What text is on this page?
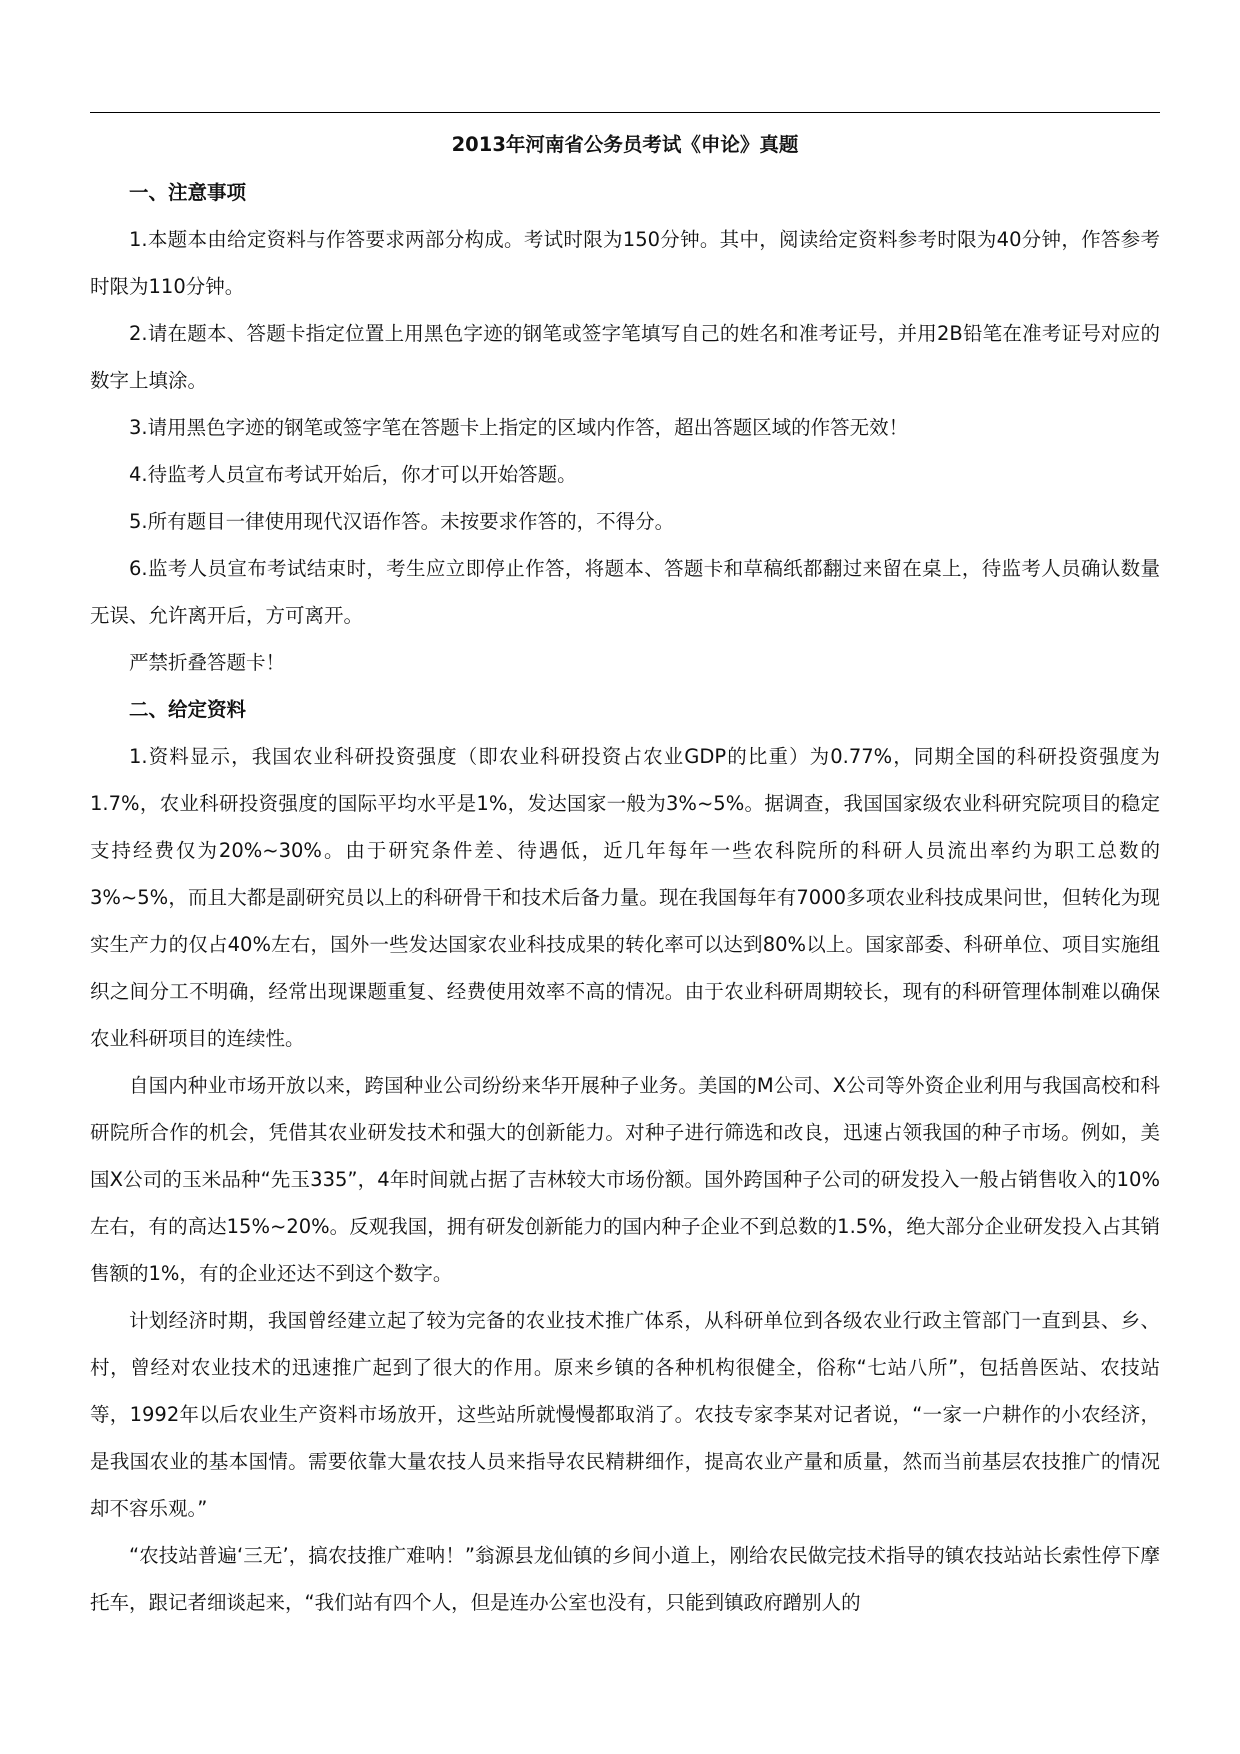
2013年河南省公务员考试《申论》真题
一、注意事项

1.本题本由给定资料与作答要求两部分构成。考试时限为150分钟。其中，阅读给定资料参考时限为40分钟，作答参考时限为110分钟。

2.请在题本、答题卡指定位置上用黑色字迹的钢笔或签字笔填写自己的姓名和准考证号，并用2B铅笔在准考证号对应的数字上填涂。

3.请用黑色字迹的钢笔或签字笔在答题卡上指定的区域内作答，超出答题区域的作答无效！

4.待监考人员宣布考试开始后，你才可以开始答题。

5.所有题目一律使用现代汉语作答。未按要求作答的，不得分。

6.监考人员宣布考试结束时，考生应立即停止作答，将题本、答题卡和草稿纸都翻过来留在桌上，待监考人员确认数量无误、允许离开后，方可离开。

严禁折叠答题卡！

二、给定资料

1.资料显示，我国农业科研投资强度（即农业科研投资占农业GDP的比重）为0.77%，同期全国的科研投资强度为1.7%，农业科研投资强度的国际平均水平是1%，发达国家一般为3%~5%。据调查，我国国家级农业科研究院项目的稳定支持经费仅为20%~30%。由于研究条件差、待遇低，近几年每年一些农科院所的科研人员流出率约为职工总数的3%~5%，而且大都是副研究员以上的科研骨干和技术后备力量。现在我国每年有7000多项农业科技成果问世，但转化为现实生产力的仅占40%左右，国外一些发达国家农业科技成果的转化率可以达到80%以上。国家部委、科研单位、项目实施组织之间分工不明确，经常出现课题重复、经费使用效率不高的情况。由于农业科研周期较长，现有的科研管理体制难以确保农业科研项目的连续性。

自国内种业市场开放以来，跨国种业公司纷纷来华开展种子业务。美国的M公司、X公司等外资企业利用与我国高校和科研院所合作的机会，凭借其农业研发技术和强大的创新能力。对种子进行筛选和改良，迅速占领我国的种子市场。例如，美国X公司的玉米品种“先玉335”，4年时间就占据了吉林较大市场份额。国外跨国种子公司的研发投入一般占销售收入的10%左右，有的高达15%~20%。反观我国，拥有研发创新能力的国内种子企业不到总数的1.5%，绝大部分企业研发投入占其销售额的1%，有的企业还达不到这个数字。

计划经济时期，我国曾经建立起了较为完备的农业技术推广体系，从科研单位到各级农业行政主管部门一直到县、乡、村，曾经对农业技术的迅速推广起到了很大的作用。原来乡镇的各种机构很健全，俗称“七站八所”，包括兽医站、农技站等，1992年以后农业生产资料市场放开，这些站所就慢慢都取消了。农技专家李某对记者说，“一家一户耕作的小农经济，是我国农业的基本国情。需要依靠大量农技人员来指导农民精耕细作，提高农业产量和质量，然而当前基层农技推广的情况却不容乐观。”

“农技站普遍‘三无’，搞农技推广难呐！”翁源县龙仙镇的乡间小道上，刚给农民做完技术指导的镇农技站站长索性停下摩托车，跟记者细谈起来，“我们站有四个人，但是连办公室也没有，只能到镇政府蹭别人的
